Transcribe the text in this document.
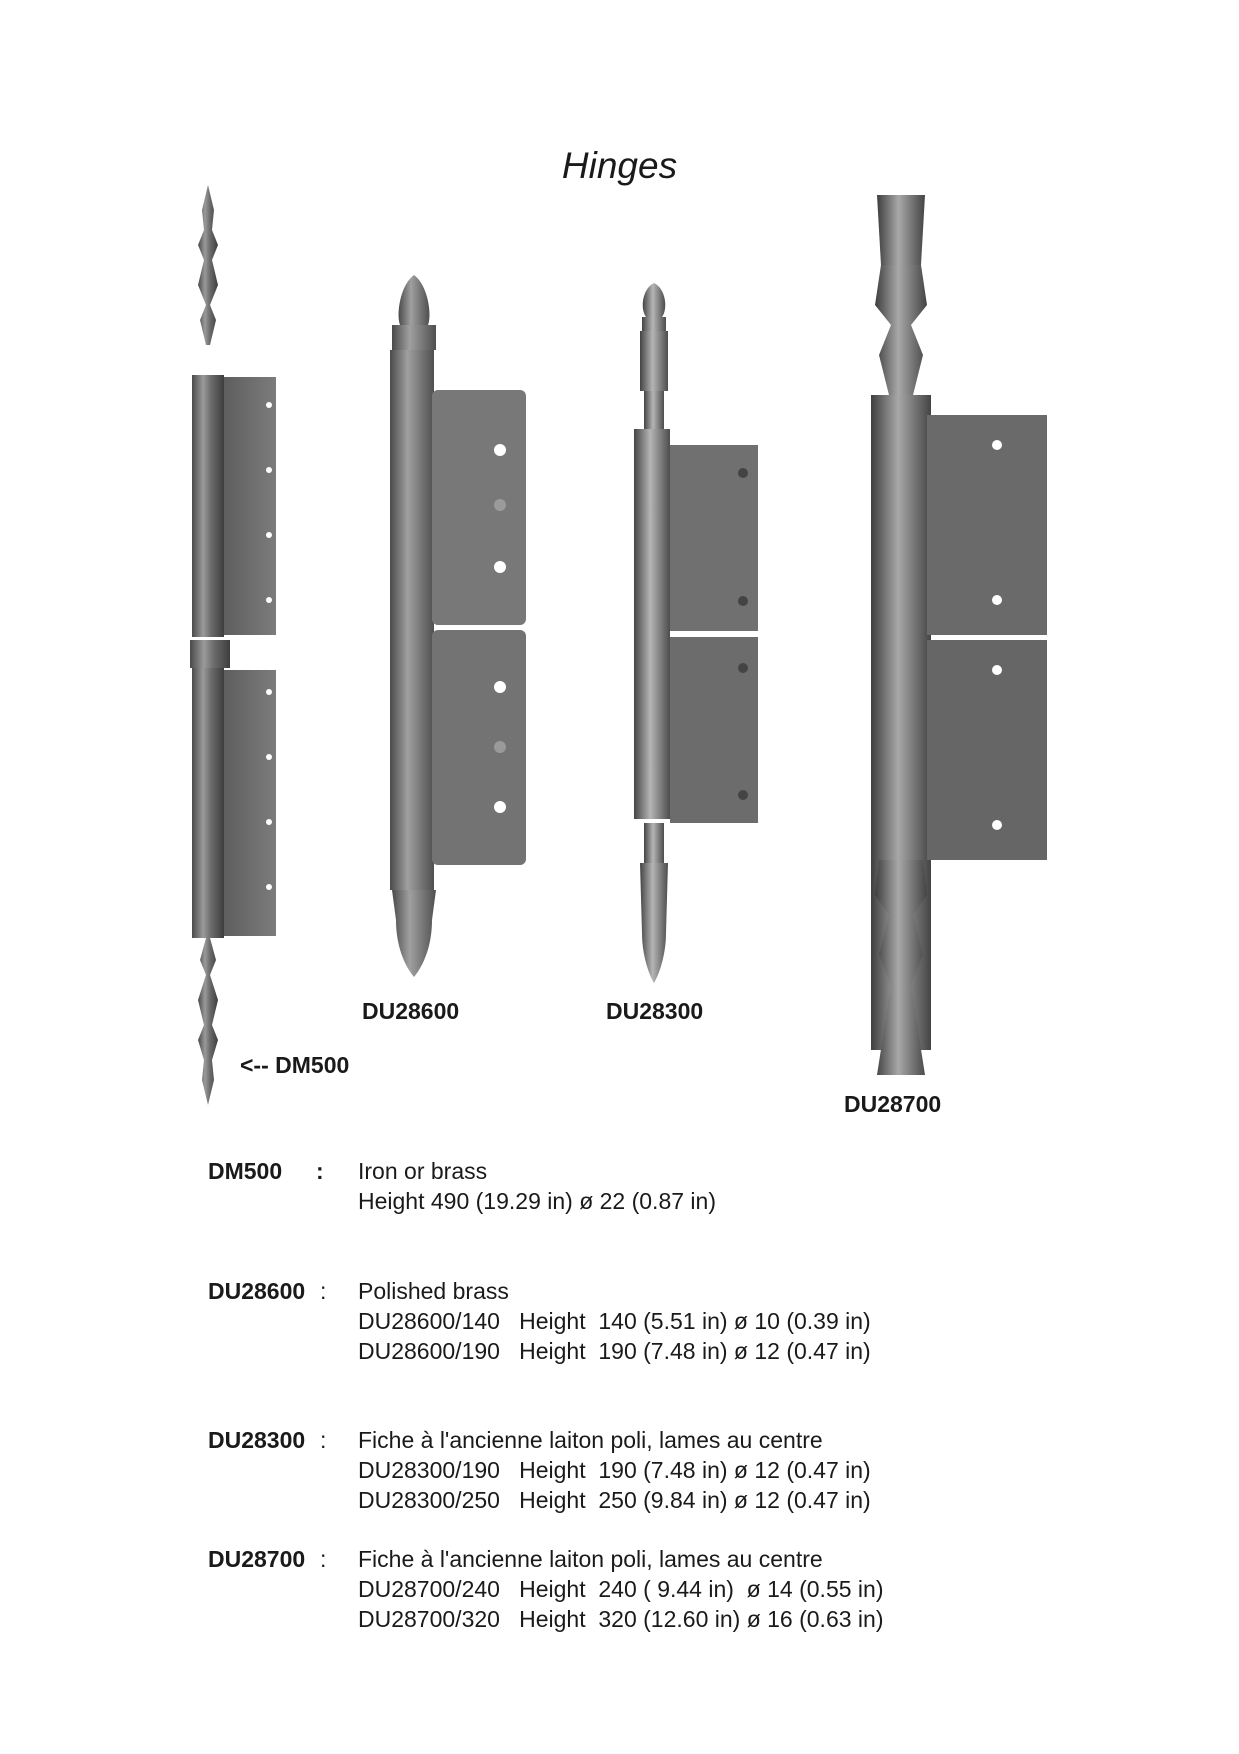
Hinges
<-- DM500
DU28600	DU28300
DU28700
DM500 : Iron or brass
Height 490 (19.29 in) ø 22 (0.87 in)
DU28600 : Polished brass
DU28600/140   Height  140 (5.51 in) ø 10 (0.39 in)
DU28600/190   Height  190 (7.48 in) ø 12 (0.47 in)
DU28300 : Fiche à l'ancienne laiton poli, lames au centre
DU28300/190   Height  190 (7.48 in) ø 12 (0.47 in)
DU28300/250   Height  250 (9.84 in) ø 12 (0.47 in)
DU28700 : Fiche à l'ancienne laiton poli, lames au centre
DU28700/240   Height  240 ( 9.44 in)  ø 14 (0.55 in)
DU28700/320   Height  320 (12.60 in) ø 16 (0.63 in)
